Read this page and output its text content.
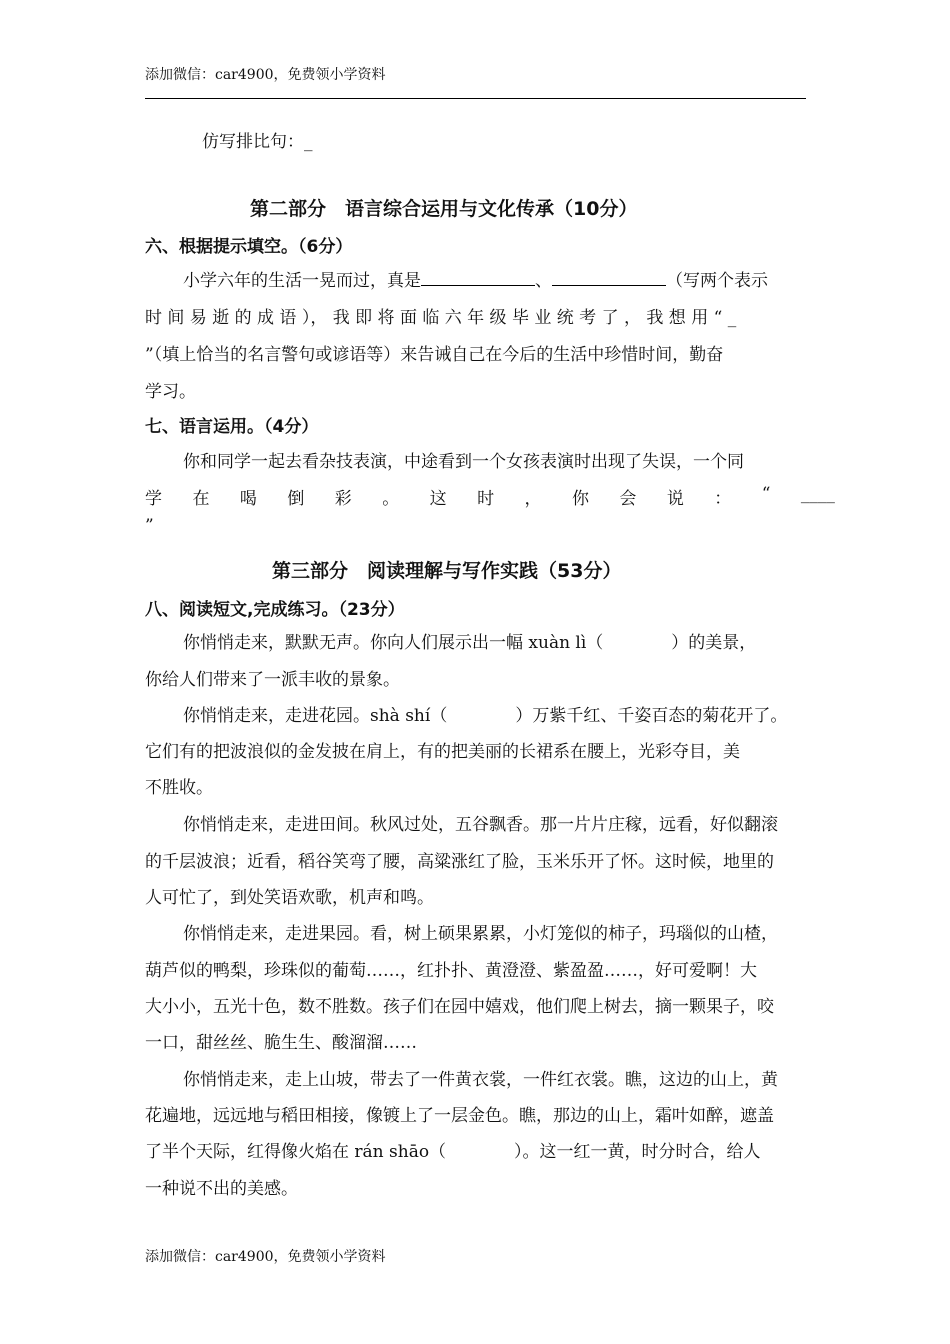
添加微信：car4900，免费领小学资料
仿写排比句：_
第二部分　语言综合运用与文化传承（10分）
六、根据提示填空。（6分）
小学六年的生活一晃而过，真是	、	（写两个表示
时 间 易 逝 的 成 语 ）， 我 即 将 面 临 六 年 级 毕 业 统 考 了 ， 我 想 用 “ _
”（填上恰当的名言警句或谚语等）来告诫自己在今后的生活中珍惜时间，勤奋
学习。
七、语言运用。（4分）
你和同学一起去看杂技表演，中途看到一个女孩表演时出现了失误，一个同
学 在 喝 倒 彩 。 这 时 ， 你 会 说 ： “ ____
”
第三部分　阅读理解与写作实践（53分）
八、阅读短文,完成练习。（23分）
你悄悄走来，默默无声。你向人们展示出一幅 xuàn lì（　　　　）的美景，
你给人们带来了一派丰收的景象。
你悄悄走来，走进花园。shà shí（　　　　）万紫千红、千姿百态的菊花开了。
它们有的把波浪似的金发披在肩上，有的把美丽的长裙系在腰上，光彩夺目，美
不胜收。
你悄悄走来，走进田间。秋风过处，五谷飘香。那一片片庄稼，远看，好似翻滚
的千层波浪；近看，稻谷笑弯了腰，高粱涨红了脸，玉米乐开了怀。这时候，地里的
人可忙了，到处笑语欢歌，机声和鸣。
你悄悄走来，走进果园。看，树上硕果累累，小灯笼似的柿子，玛瑙似的山楂，
葫芦似的鸭梨，珍珠似的葡萄……，红扑扑、黄澄澄、紫盈盈……，好可爱啊！大
大小小，五光十色，数不胜数。孩子们在园中嬉戏，他们爬上树去，摘一颗果子，咬
一口，甜丝丝、脆生生、酸溜溜……
你悄悄走来，走上山坡，带去了一件黄衣裳，一件红衣裳。瞧，这边的山上，黄
花遍地，远远地与稻田相接，像镀上了一层金色。瞧，那边的山上，霜叶如醉，遮盖
了半个天际，红得像火焰在 rán shāo（　　　　）。这一红一黄，时分时合，给人
一种说不出的美感。
添加微信：car4900，免费领小学资料
